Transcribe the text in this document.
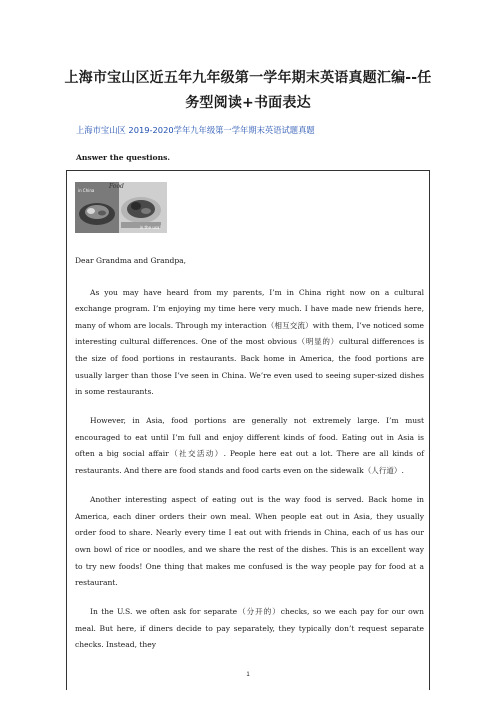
上海市宝山区近五年九年级第一学年期末英语真题汇编--任务型阅读+书面表达
上海市宝山区 2019-2020学年九年级第一学年期末英语试题真题
Answer the questions.
Food
in China
in the usa!

Dear Grandma and Grandpa,

As you may have heard from my parents, I’m in China right now on a cultural exchange program. I’m enjoying my time here very much. I have made new friends here, many of whom are locals. Through my interaction（相互交流）with them, I’ve noticed some interesting cultural differences. One of the most obvious（明显的）cultural differences is the size of food portions in restaurants. Back home in America, the food portions are usually larger than those I’ve seen in China. We’re even used to seeing super-sized dishes in some restaurants.

However, in Asia, food portions are generally not extremely large. I’m must encouraged to eat until I’m full and enjoy different kinds of food. Eating out in Asia is often a big social affair（社交活动）. People here eat out a lot. There are all kinds of restaurants. And there are food stands and food carts even on the sidewalk（人行道）.

Another interesting aspect of eating out is the way food is served. Back home in America, each diner orders their own meal. When people eat out in Asia, they usually order food to share. Nearly every time I eat out with friends in China, each of us has our own bowl of rice or noodles, and we share the rest of the dishes. This is an excellent way to try new foods! One thing that makes me confused is the way people pay for food at a restaurant.

In the U.S. we often ask for separate（分开的）checks, so we each pay for our own meal. But here, if diners decide to pay separately, they typically don’t request separate checks. Instead, they

1
